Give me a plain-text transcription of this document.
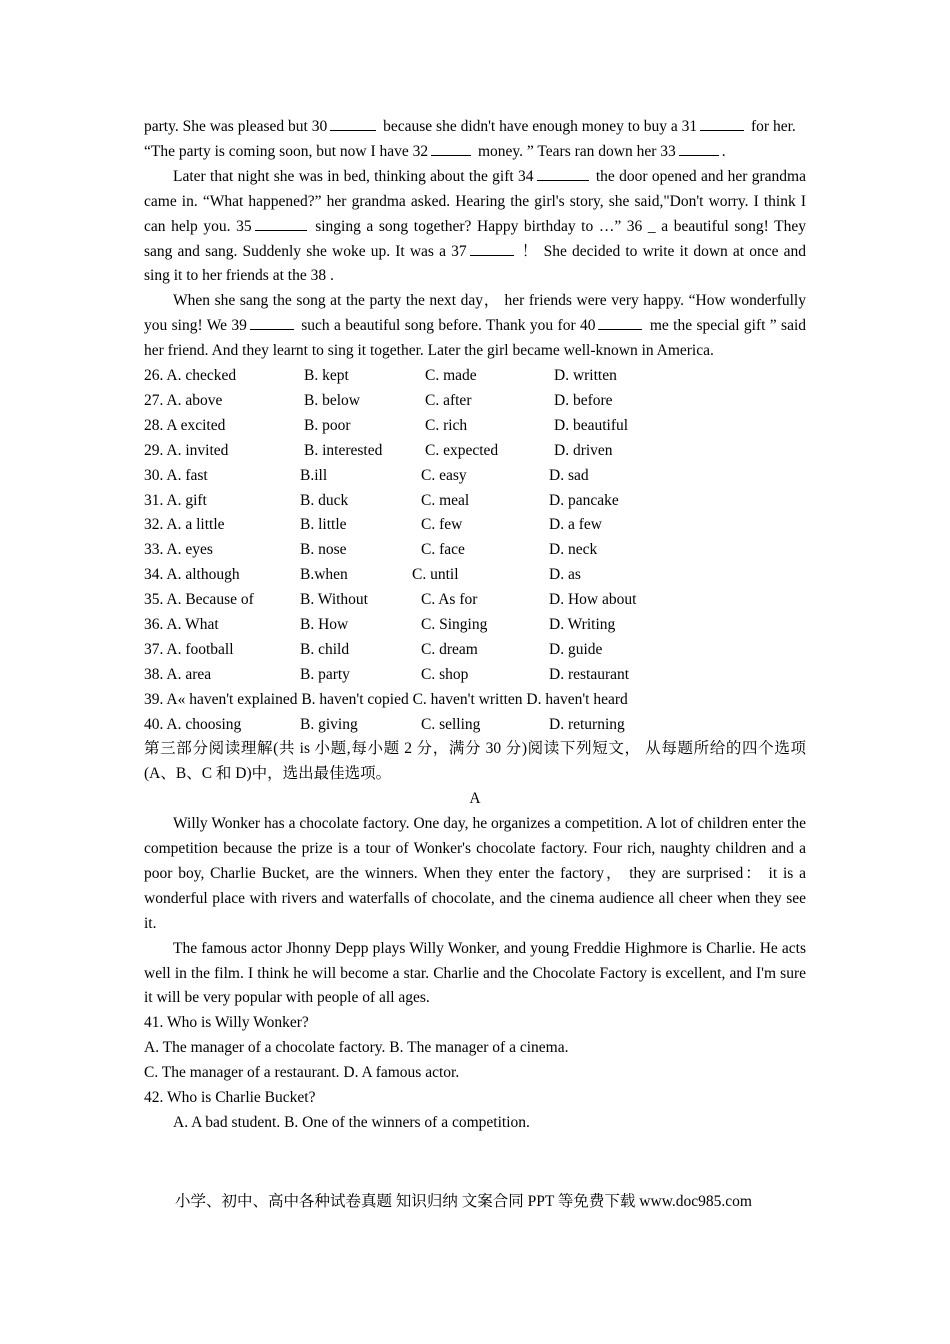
party. She was pleased but 30	because she didn't have enough money to buy a 31	for her.

“The party is coming soon, but now I have 32	money. ” Tears ran down her 33	.

Later that night she was in bed, thinking about the gift 34	the door opened and her grandma came in. “What happened?” her grandma asked. Hearing the girl's story, she said,"Don't worry. I think I can help you. 35	singing a song together? Happy birthday to …” 36 _ a beautiful song! They sang and sang. Suddenly she woke up. It was a 37	！ She decided to write it down at once and sing it to her friends at the 38 .

When she sang the song at the party the next day， her friends were very happy. “How wonderfully you sing! We 39	such a beautiful song before. Thank you for 40	me the special gift ” said her friend. And they learnt to sing it together. Later the girl became well-known in America.

26. A. checked	B. kept	C. made	D. written
27. A. above	B. below	C. after	D. before
28. A excited	B. poor	C. rich	D. beautiful
29. A. invited	B. interested	C. expected	D. driven
30. A. fast	B.ill	C. easy	D. sad
31. A. gift	B. duck	C. meal	D. pancake
32. A. a little	B. little	C. few	D. a few
33. A. eyes	B. nose	C. face	D. neck
34. A. although	B.when	C. until	D. as
35. A. Because of	B. Without	C. As for	D. How about
36. A. What	B. How	C. Singing	D. Writing
37. A. football	B. child	C. dream	D. guide
38. A. area	B. party	C. shop	D. restaurant
39. A« haven't explained B. haven't copied C. haven't written D. haven't heard
40. A. choosing	B. giving	C. selling	D. returning

第三部分阅读理解(共 is 小题,每小题 2 分，满分 30 分)阅读下列短文， 从每题所给的四个选项(A、B、C 和 D)中，选出最佳选项。

A

Willy Wonker has a chocolate factory. One day, he organizes a competition. A lot of children enter the competition because the prize is a tour of Wonker's chocolate factory. Four rich, naughty children and a poor boy, Charlie Bucket, are the winners. When they enter the factory， they are surprised： it is a wonderful place with rivers and waterfalls of chocolate, and the cinema audience all cheer when they see it.

The famous actor Jhonny Depp plays Willy Wonker, and young Freddie Highmore is Charlie. He acts well in the film. I think he will become a star. Charlie and the Chocolate Factory is excellent, and I'm sure it will be very popular with people of all ages.

41. Who is Willy Wonker?

A. The manager of a chocolate factory. B. The manager of a cinema.

C. The manager of a restaurant. D. A famous actor.

42. Who is Charlie Bucket?

A. A bad student. B. One of the winners of a competition.

小学、初中、高中各种试卷真题 知识归纳 文案合同 PPT 等免费下载 www.doc985.com
